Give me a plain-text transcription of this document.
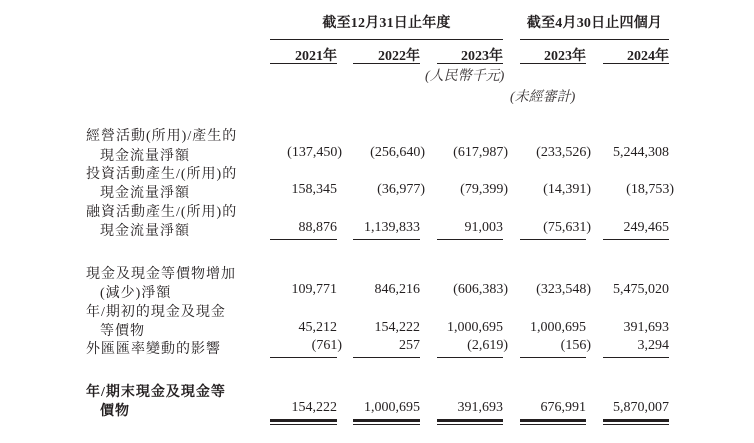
截至12月31日止年度	截至4月30日止四個月
2021年	2022年	2023年	2023年	2024年
(人民幣千元)
(未經審計)
經營活動(所用)/產生的
現金流量淨額	(137,450)	(256,640)	(617,987)	(233,526)	5,244,308
投資活動產生/(所用)的
現金流量淨額	158,345	(36,977)	(79,399)	(14,391)	(18,753)
融資活動產生/(所用)的
現金流量淨額	88,876	1,139,833	91,003	(75,631)	249,465
現金及現金等價物增加
(減少)淨額	109,771	846,216	(606,383)	(323,548)	5,475,020
年/期初的現金及現金
等價物	45,212	154,222	1,000,695	1,000,695	391,693
外匯匯率變動的影響	(761)	257	(2,619)	(156)	3,294
年/期末現金及現金等
價物	154,222	1,000,695	391,693	676,991	5,870,007
